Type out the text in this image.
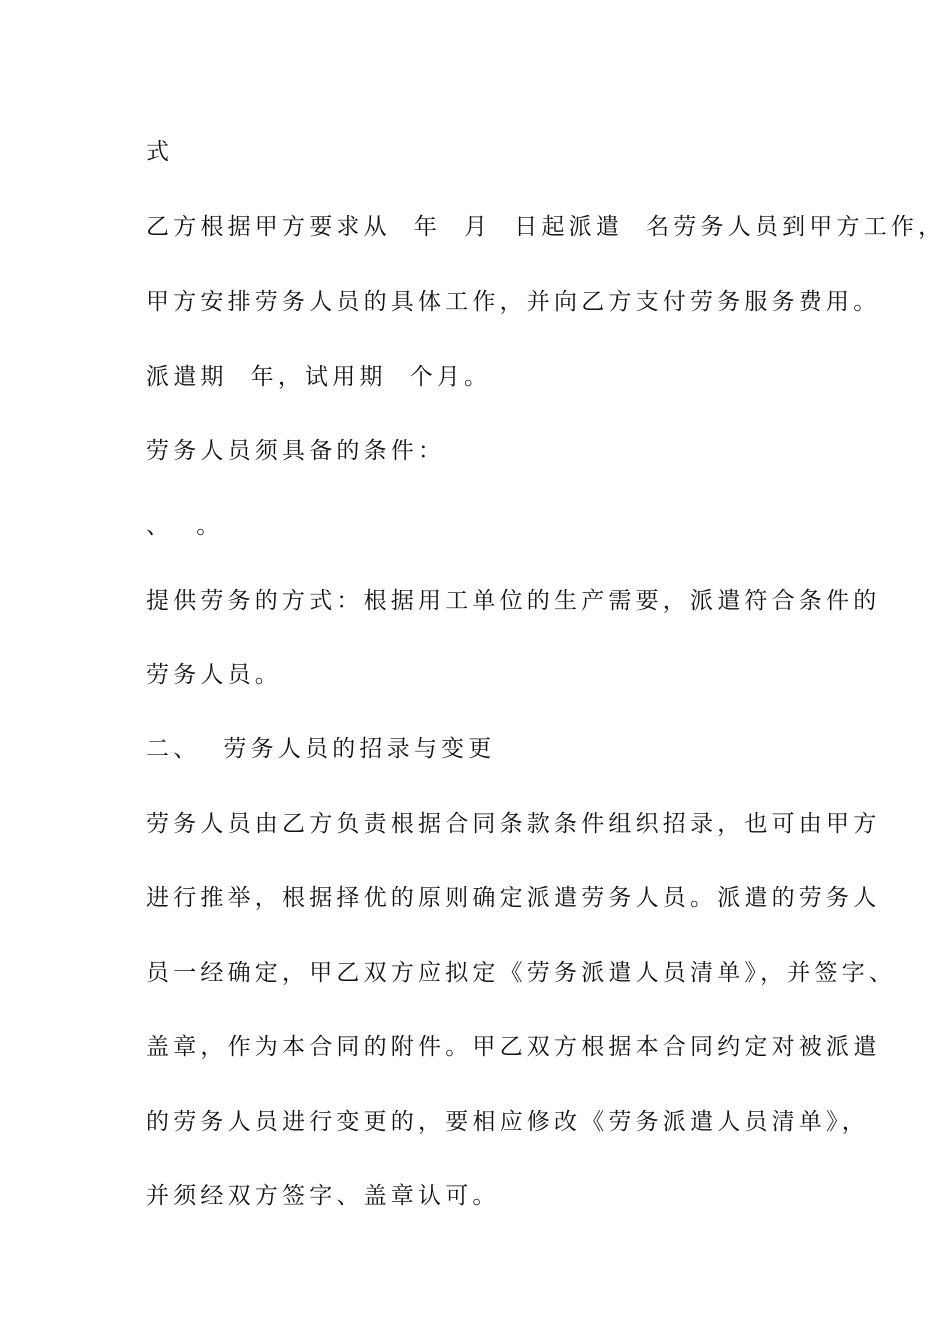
式
乙方根据甲方要求从  年  月  日起派遣  名劳务人员到甲方工作，
甲方安排劳务人员的具体工作，并向乙方支付劳务服务费用。
派遣期  年，试用期  个月。
劳务人员须具备的条件：
、  。
提供劳务的方式：根据用工单位的生产需要，派遣符合条件的
劳务人员。
二、  劳务人员的招录与变更
劳务人员由乙方负责根据合同条款条件组织招录，也可由甲方
进行推举，根据择优的原则确定派遣劳务人员。派遣的劳务人
员一经确定，甲乙双方应拟定《劳务派遣人员清单》，并签字、
盖章，作为本合同的附件。甲乙双方根据本合同约定对被派遣
的劳务人员进行变更的，要相应修改《劳务派遣人员清单》，
并须经双方签字、盖章认可。
